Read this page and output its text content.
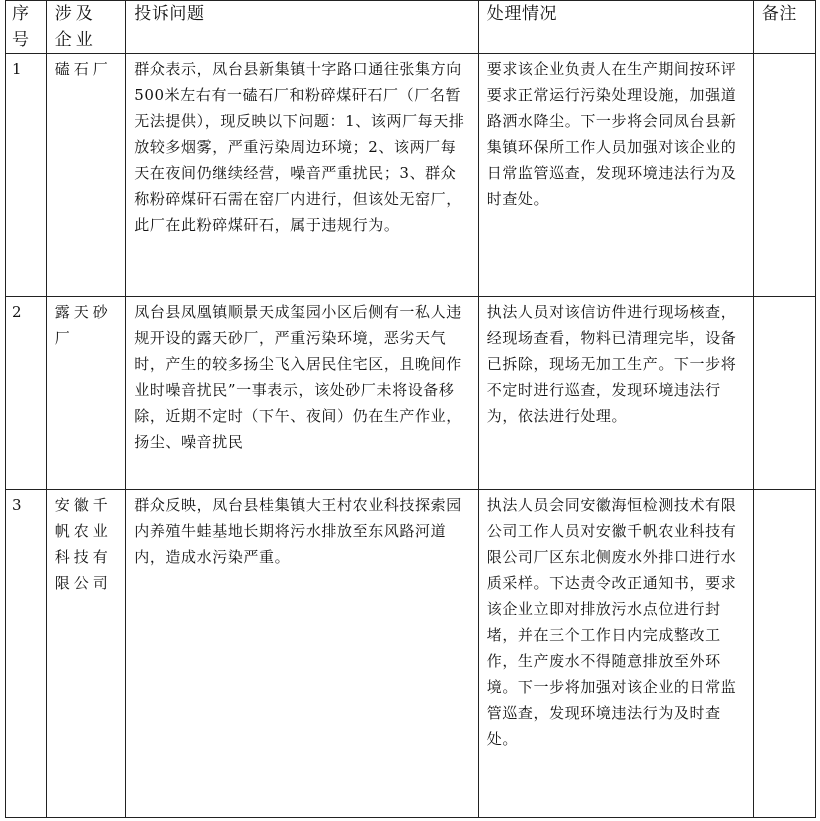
序号	涉及企业	投诉问题	处理情况	备注
1	磕石厂	群众表示，凤台县新集镇十字路口通往张集方向500米左右有一磕石厂和粉碎煤矸石厂（厂名暂无法提供），现反映以下问题：1、该两厂每天排放较多烟雾，严重污染周边环境；2、该两厂每天在夜间仍继续经营，噪音严重扰民；3、群众称粉碎煤矸石需在窑厂内进行，但该处无窑厂，此厂在此粉碎煤矸石，属于违规行为。	要求该企业负责人在生产期间按环评要求正常运行污染处理设施，加强道路洒水降尘。下一步将会同凤台县新集镇环保所工作人员加强对该企业的日常监管巡查，发现环境违法行为及时查处。	
2	露天砂厂	凤台县凤凰镇顺景天成玺园小区后侧有一私人违规开设的露天砂厂，严重污染环境，恶劣天气时，产生的较多扬尘飞入居民住宅区，且晚间作业时噪音扰民”一事表示，该处砂厂未将设备移除，近期不定时（下午、夜间）仍在生产作业，扬尘、噪音扰民	执法人员对该信访件进行现场核查，经现场查看，物料已清理完毕，设备已拆除，现场无加工生产。下一步将不定时进行巡查，发现环境违法行为，依法进行处理。	
3	安徽千帆农业科技有限公司	群众反映，凤台县桂集镇大王村农业科技探索园内养殖牛蛙基地长期将污水排放至东风路河道内，造成水污染严重。	执法人员会同安徽海恒检测技术有限公司工作人员对安徽千帆农业科技有限公司厂区东北侧废水外排口进行水质采样。下达责令改正通知书，要求该企业立即对排放污水点位进行封堵，并在三个工作日内完成整改工作，生产废水不得随意排放至外环境。下一步将加强对该企业的日常监管巡查，发现环境违法行为及时查处。	
